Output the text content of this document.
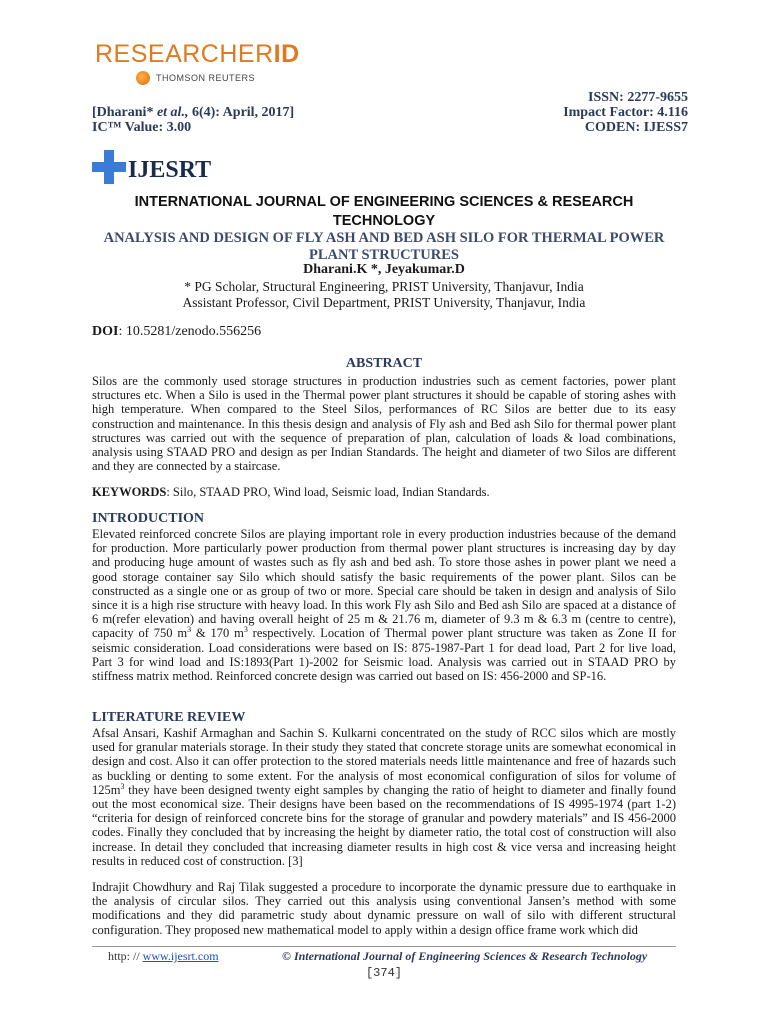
RESEARCHERID
THOMSON REUTERS
ISSN: 2277-9655
[Dharani* et al., 6(4): April, 2017]	Impact Factor: 4.116
IC™ Value: 3.00	CODEN: IJESS7
IJESRT
INTERNATIONAL JOURNAL OF ENGINEERING SCIENCES & RESEARCH TECHNOLOGY
ANALYSIS AND DESIGN OF FLY ASH AND BED ASH SILO FOR THERMAL POWER PLANT STRUCTURES
Dharani.K *, Jeyakumar.D
* PG Scholar, Structural Engineering, PRIST University, Thanjavur, India
Assistant Professor, Civil Department, PRIST University, Thanjavur, India
DOI: 10.5281/zenodo.556256
ABSTRACT
Silos are the commonly used storage structures in production industries such as cement factories, power plant structures etc. When a Silo is used in the Thermal power plant structures it should be capable of storing ashes with high temperature. When compared to the Steel Silos, performances of RC Silos are better due to its easy construction and maintenance. In this thesis design and analysis of Fly ash and Bed ash Silo for thermal power plant structures was carried out with the sequence of preparation of plan, calculation of loads & load combinations, analysis using STAAD PRO and design as per Indian Standards. The height and diameter of two Silos are different and they are connected by a staircase.
KEYWORDS: Silo, STAAD PRO, Wind load, Seismic load, Indian Standards.
INTRODUCTION
Elevated reinforced concrete Silos are playing important role in every production industries because of the demand for production. More particularly power production from thermal power plant structures is increasing day by day and producing huge amount of wastes such as fly ash and bed ash. To store those ashes in power plant we need a good storage container say Silo which should satisfy the basic requirements of the power plant. Silos can be constructed as a single one or as group of two or more. Special care should be taken in design and analysis of Silo since it is a high rise structure with heavy load. In this work Fly ash Silo and Bed ash Silo are spaced at a distance of 6 m(refer elevation) and having overall height of 25 m & 21.76 m, diameter of 9.3 m & 6.3 m (centre to centre), capacity of 750 $m^3$ & 170 $m^3$ respectively. Location of Thermal power plant structure was taken as Zone II for seismic consideration. Load considerations were based on IS: 875-1987-Part 1 for dead load, Part 2 for live load, Part 3 for wind load and IS:1893(Part 1)-2002 for Seismic load. Analysis was carried out in STAAD PRO by stiffness matrix method. Reinforced concrete design was carried out based on IS: 456-2000 and SP-16.
LITERATURE REVIEW
Afsal Ansari, Kashif Armaghan and Sachin S. Kulkarni concentrated on the study of RCC silos which are mostly used for granular materials storage. In their study they stated that concrete storage units are somewhat economical in design and cost. Also it can offer protection to the stored materials needs little maintenance and free of hazards such as buckling or denting to some extent. For the analysis of most economical configuration of silos for volume of $125m^3$ they have been designed twenty eight samples by changing the ratio of height to diameter and finally found out the most economical size. Their designs have been based on the recommendations of IS 4995-1974 (part 1-2) “criteria for design of reinforced concrete bins for the storage of granular and powdery materials” and IS 456-2000 codes. Finally they concluded that by increasing the height by diameter ratio, the total cost of construction will also increase. In detail they concluded that increasing diameter results in high cost & vice versa and increasing height results in reduced cost of construction. [3]
Indrajit Chowdhury and Raj Tilak suggested a procedure to incorporate the dynamic pressure due to earthquake in the analysis of circular silos. They carried out this analysis using conventional Jansen’s method with some modifications and they did parametric study about dynamic pressure on wall of silo with different structural configuration. They proposed new mathematical model to apply within a design office frame work which did
http: // www.ijesrt.com	© International Journal of Engineering Sciences & Research Technology
[374]
